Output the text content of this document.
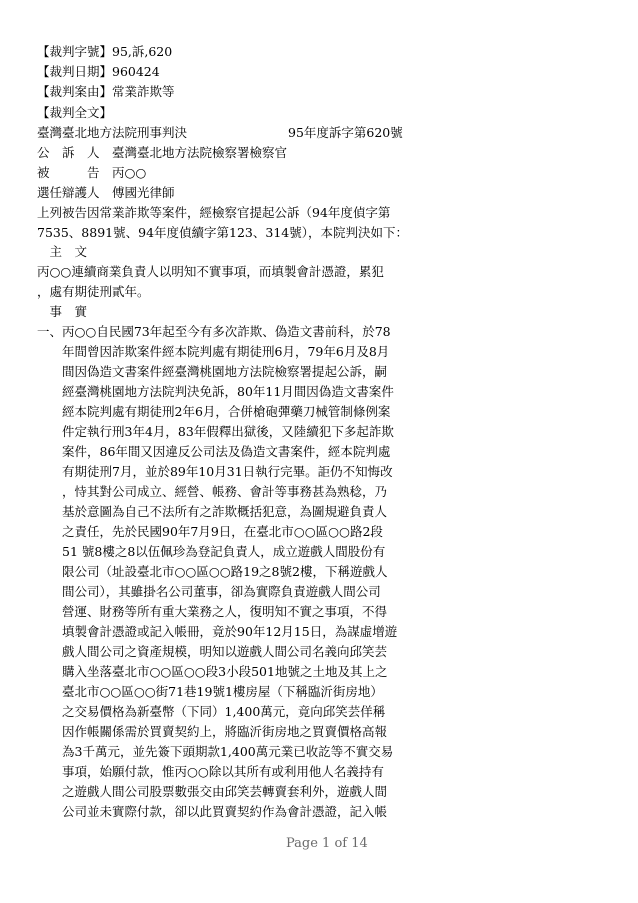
【裁判字號】95,訴,620
【裁判日期】960424
【裁判案由】常業詐欺等
【裁判全文】
臺灣臺北地方法院刑事判決	95年度訴字第620號
公　訴　人　臺灣臺北地方法院檢察署檢察官
被　　　告　丙○○
選任辯護人　傅國光律師
上列被告因常業詐欺等案件，經檢察官提起公訴（94年度偵字第
7535、8891號、94年度偵續字第123、314號），本院判決如下：
　主　文
丙○○連續商業負責人以明知不實事項，而填製會計憑證，累犯
，處有期徒刑貳年。
　事　實
一、丙○○自民國73年起至今有多次詐欺、偽造文書前科，於78
　　年間曾因詐欺案件經本院判處有期徒刑6月，79年6月及8月
　　間因偽造文書案件經臺灣桃園地方法院檢察署提起公訴，嗣
　　經臺灣桃園地方法院判決免訴，80年11月間因偽造文書案件
　　經本院判處有期徒刑2年6月，合併槍砲彈藥刀械管制條例案
　　件定執行刑3年4月，83年假釋出獄後，又陸續犯下多起詐欺
　　案件，86年間又因違反公司法及偽造文書案件，經本院判處
　　有期徒刑7月，並於89年10月31日執行完畢。詎仍不知悔改
　　，恃其對公司成立、經營、帳務、會計等事務甚為熟稔，乃
　　基於意圖為自己不法所有之詐欺概括犯意，為圖規避負責人
　　之責任，先於民國90年7月9日，在臺北市○○區○○路2段
　　51 號8樓之8以伍佩珍為登記負責人，成立遊戲人間股份有
　　限公司（址設臺北市○○區○○路19之8號2樓，下稱遊戲人
　　間公司），其雖掛名公司董事，卻為實際負責遊戲人間公司
　　營運、財務等所有重大業務之人，復明知不實之事項，不得
　　填製會計憑證或記入帳冊，竟於90年12月15日，為謀虛增遊
　　戲人間公司之資產規模，明知以遊戲人間公司名義向邱笑芸
　　購入坐落臺北市○○區○○段3小段501地號之土地及其上之
　　臺北市○○區○○街71巷19號1樓房屋（下稱臨沂街房地）
　　之交易價格為新臺幣（下同）1,400萬元，竟向邱笑芸佯稱
　　因作帳關係需於買賣契約上，將臨沂街房地之買賣價格高報
　　為3千萬元，並先簽下頭期款1,400萬元業已收訖等不實交易
　　事項，始願付款，惟丙○○除以其所有或利用他人名義持有
　　之遊戲人間公司股票數張交由邱笑芸轉賣套利外，遊戲人間
　　公司並未實際付款，卻以此買賣契約作為會計憑證，記入帳
Page 1 of 14
